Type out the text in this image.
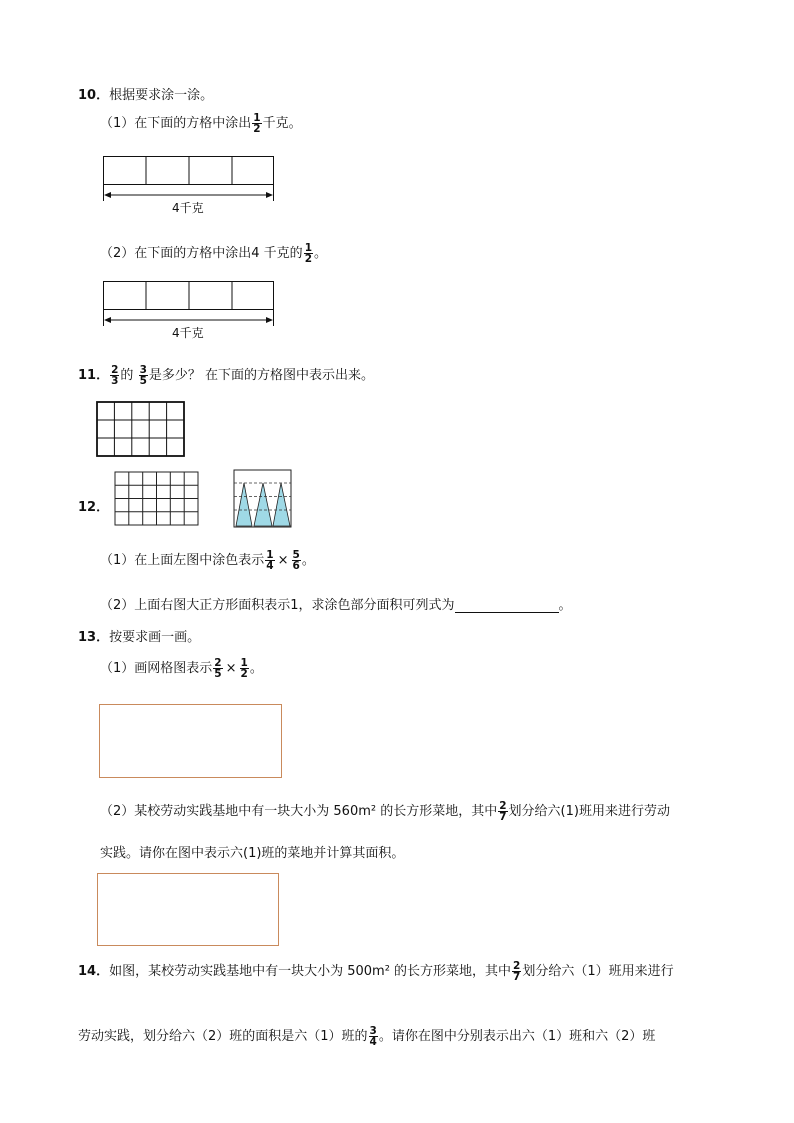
10．根据要求涂一涂。
（1）在下面的方格中涂出 $\frac{1}{2}$ 千克。
4千克
（2）在下面的方格中涂出4 千克的 $\frac{1}{2}$ 。
4千克
11． $\frac{2}{3}$ 的 $\frac{3}{5}$ 是多少？ 在下面的方格图中表示出来。
12．
（1）在上面左图中涂色表示 $\frac{1}{4} \times \frac{5}{6}$ 。
（2）上面右图大正方形面积表示1，求涂色部分面积可列式为	。
13．按要求画一画。
（1）画网格图表示 $\frac{2}{5} \times \frac{1}{2}$ 。
（2）某校劳动实践基地中有一块大小为 560m² 的长方形菜地，其中 $\frac{2}{7}$ 划分给六(1)班用来进行劳动
实践。请你在图中表示六(1)班的菜地并计算其面积。
14．如图，某校劳动实践基地中有一块大小为 500m² 的长方形菜地，其中 $\frac{2}{7}$ 划分给六（1）班用来进行
劳动实践，划分给六（2）班的面积是六（1）班的 $\frac{3}{4}$ 。请你在图中分别表示出六（1）班和六（2）班
